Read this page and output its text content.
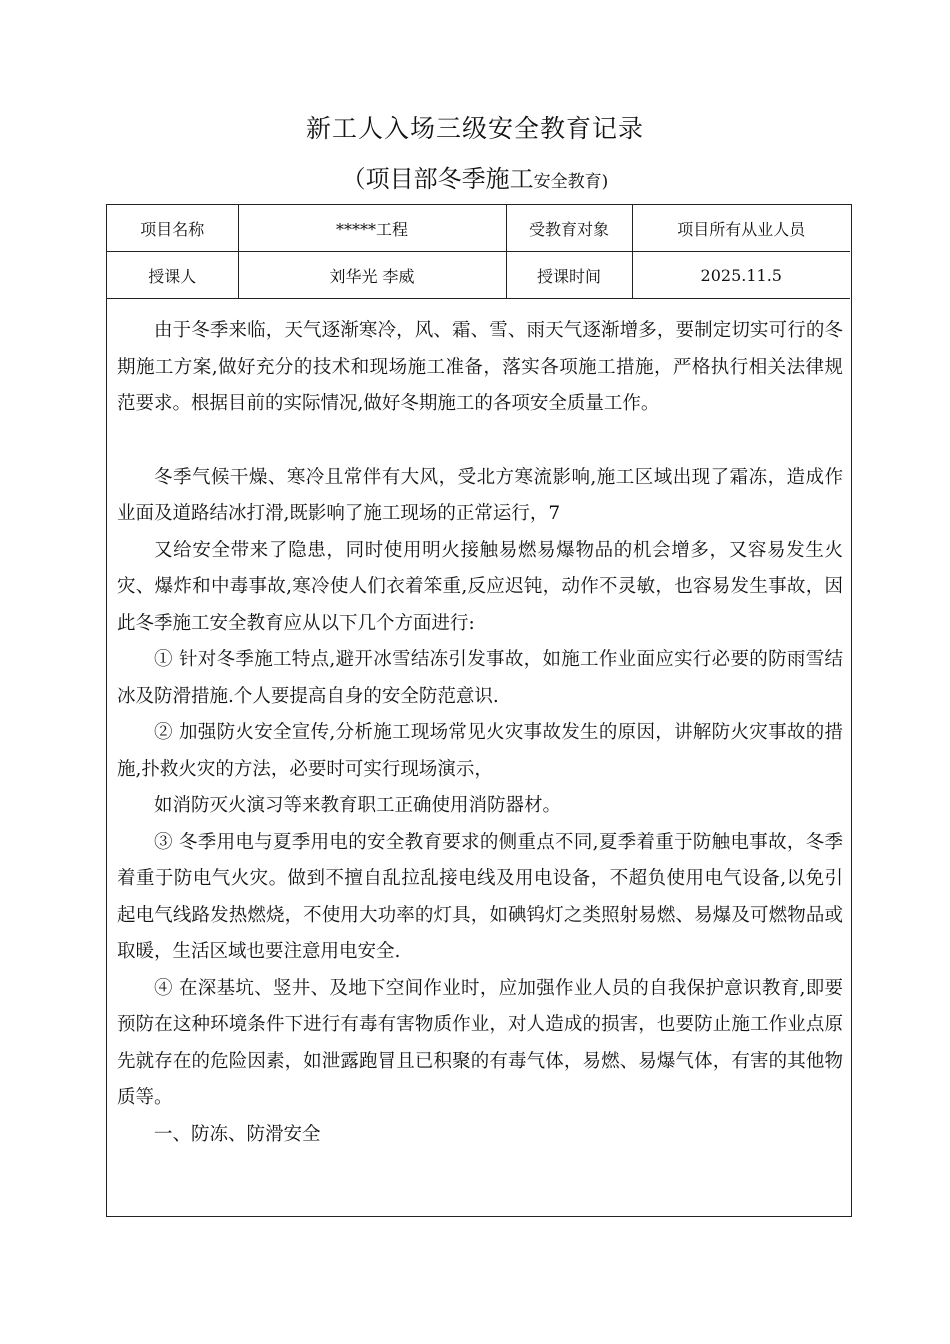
新工人入场三级安全教育记录
（项目部冬季施工安全教育)
项目名称	*****工程	受教育对象	项目所有从业人员
授课人	刘华光 李威	授课时间	2025.11.5

由于冬季来临，天气逐渐寒冷，风、霜、雪、雨天气逐渐增多，要制定切实可行的冬期施工方案,做好充分的技术和现场施工准备，落实各项施工措施，严格执行相关法律规范要求。根据目前的实际情况,做好冬期施工的各项安全质量工作。

冬季气候干燥、寒冷且常伴有大风，受北方寒流影响,施工区域出现了霜冻，造成作业面及道路结冰打滑,既影响了施工现场的正常运行，7

又给安全带来了隐患，同时使用明火接触易燃易爆物品的机会增多，又容易发生火灾、爆炸和中毒事故,寒冷使人们衣着笨重,反应迟钝，动作不灵敏，也容易发生事故，因此冬季施工安全教育应从以下几个方面进行:

① 针对冬季施工特点,避开冰雪结冻引发事故，如施工作业面应实行必要的防雨雪结冰及防滑措施.个人要提高自身的安全防范意识.

② 加强防火安全宣传,分析施工现场常见火灾事故发生的原因，讲解防火灾事故的措施,扑救火灾的方法，必要时可实行现场演示，

如消防灭火演习等来教育职工正确使用消防器材。

③ 冬季用电与夏季用电的安全教育要求的侧重点不同,夏季着重于防触电事故，冬季着重于防电气火灾。做到不擅自乱拉乱接电线及用电设备，不超负使用电气设备,以免引起电气线路发热燃烧，不使用大功率的灯具，如碘钨灯之类照射易燃、易爆及可燃物品或取暖，生活区域也要注意用电安全.

④ 在深基坑、竖井、及地下空间作业时，应加强作业人员的自我保护意识教育,即要预防在这种环境条件下进行有毒有害物质作业，对人造成的损害，也要防止施工作业点原先就存在的危险因素，如泄露跑冒且已积聚的有毒气体，易燃、易爆气体，有害的其他物质等。

一、防冻、防滑安全
